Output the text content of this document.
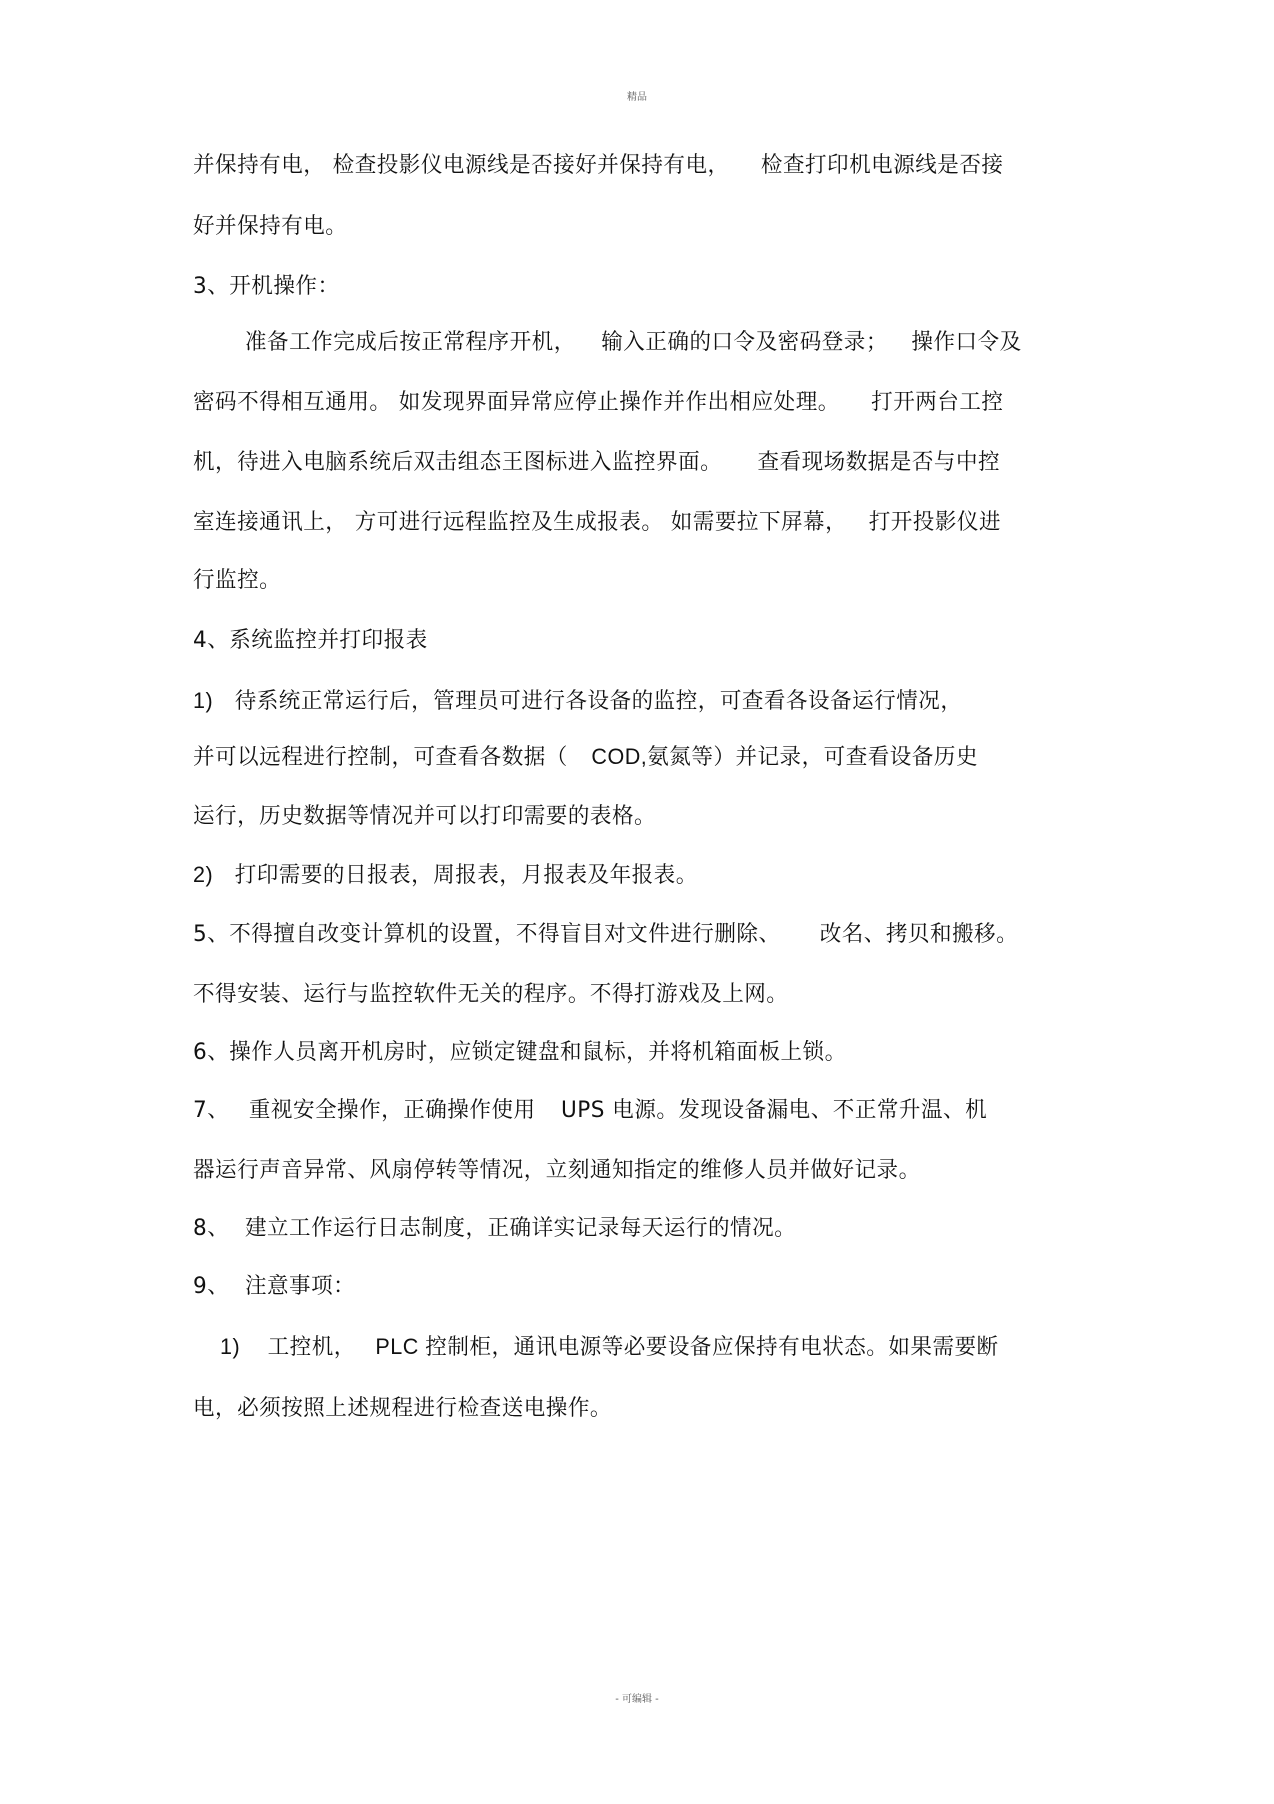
精品
并保持有电， 检查投影仪电源线是否接好并保持有电， 检查打印机电源线是否接
好并保持有电。
3、开机操作：
准备工作完成后按正常程序开机， 输入正确的口令及密码登录； 操作口令及
密码不得相互通用。 如发现界面异常应停止操作并作出相应处理。 打开两台工控
机，待进入电脑系统后双击组态王图标进入监控界面。 查看现场数据是否与中控
室连接通讯上， 方可进行远程监控及生成报表。 如需要拉下屏幕， 打开投影仪进
行监控。
4、系统监控并打印报表
1) 待系统正常运行后，管理员可进行各设备的监控，可查看各设备运行情况，
并可以远程进行控制，可查看各数据（ COD,氨氮等）并记录，可查看设备历史
运行，历史数据等情况并可以打印需要的表格。
2) 打印需要的日报表，周报表，月报表及年报表。
5、不得擅自改变计算机的设置，不得盲目对文件进行删除、 改名、拷贝和搬移。
不得安装、运行与监控软件无关的程序。不得打游戏及上网。
6、操作人员离开机房时，应锁定键盘和鼠标，并将机箱面板上锁。
7、 重视安全操作，正确操作使用 UPS 电源。发现设备漏电、不正常升温、机
器运行声音异常、风扇停转等情况，立刻通知指定的维修人员并做好记录。
8、 建立工作运行日志制度，正确详实记录每天运行的情况。
9、 注意事项：
1) 工控机， PLC 控制柜，通讯电源等必要设备应保持有电状态。如果需要断
电，必须按照上述规程进行检查送电操作。
- 可编辑 -
